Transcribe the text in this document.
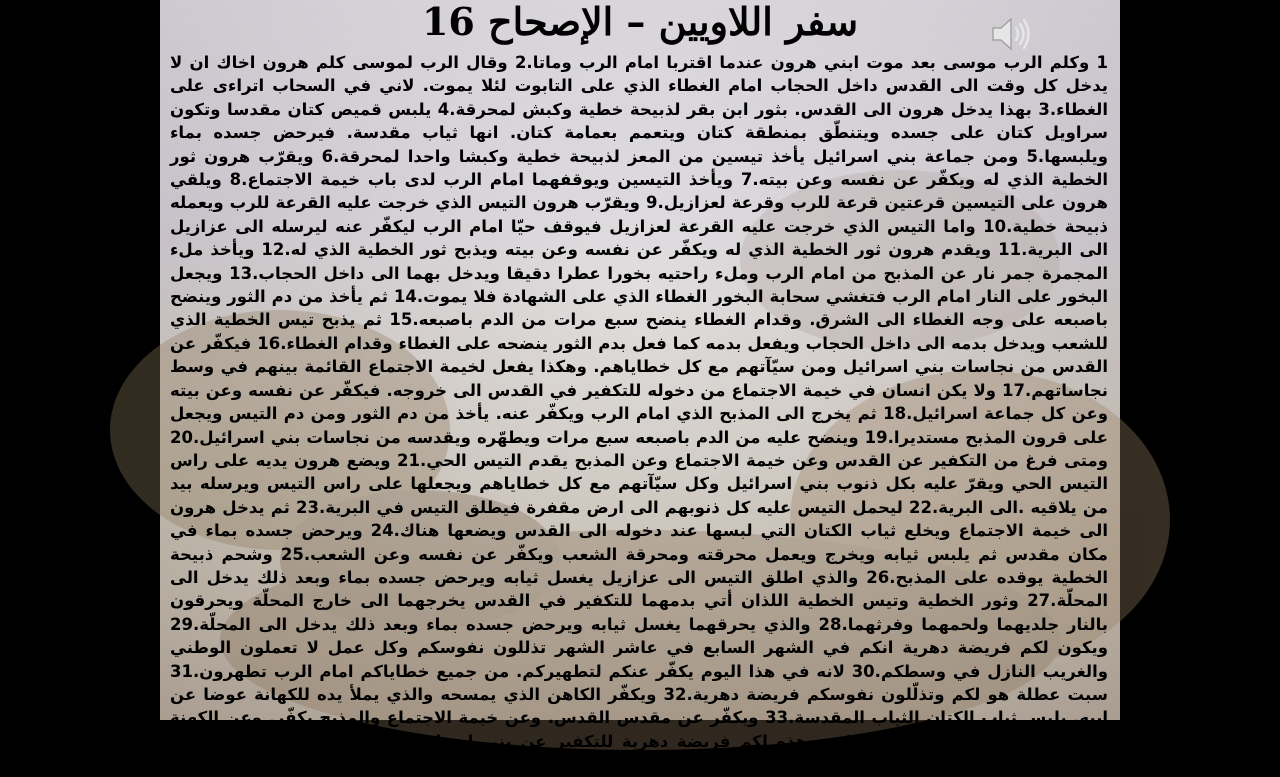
سفر اللاويين – الإصحاح 16
1 وكلم الرب موسى بعد موت ابني هرون عندما اقتربا امام الرب وماتا.2 وقال الرب لموسى كلم هرون اخاك ان لا يدخل كل وقت الى القدس داخل الحجاب امام الغطاء الذي على التابوت لئلا يموت. لاني في السحاب اتراءى على الغطاء.3 بهذا يدخل هرون الى القدس. بثور ابن بقر لذبيحة خطية وكبش لمحرقة.4 يلبس قميص كتان مقدسا وتكون سراويل كتان على جسده ويتنطّق بمنطقة كتان ويتعمم بعمامة كتان. انها ثياب مقدسة. فيرحض جسده بماء ويلبسها.5 ومن جماعة بني اسرائيل يأخذ تيسين من المعز لذبيحة خطية وكبشا واحدا لمحرقة.6 ويقرّب هرون ثور الخطية الذي له ويكفّر عن نفسه وعن بيته.7 ويأخذ التيسين ويوقفهما امام الرب لدى باب خيمة الاجتماع.8 ويلقي هرون على التيسين قرعتين قرعة للرب وقرعة لعزازيل.9 ويقرّب هرون التيس الذي خرجت عليه القرعة للرب ويعمله ذبيحة خطية.10 واما التيس الذي خرجت عليه القرعة لعزازيل فيوقف حيّا امام الرب ليكفّر عنه ليرسله الى عزازيل الى البرية.11 ويقدم هرون ثور الخطية الذي له ويكفّر عن نفسه وعن بيته ويذبح ثور الخطية الذي له.12 ويأخذ ملء المجمرة جمر نار عن المذبح من امام الرب وملء راحتيه بخورا عطرا دقيقا ويدخل بهما الى داخل الحجاب.13 ويجعل البخور على النار امام الرب فتغشي سحابة البخور الغطاء الذي على الشهادة فلا يموت.14 ثم يأخذ من دم الثور وينضح باصبعه على وجه الغطاء الى الشرق. وقدام الغطاء ينضح سبع مرات من الدم باصبعه.15 ثم يذبح تيس الخطية الذي للشعب ويدخل بدمه الى داخل الحجاب ويفعل بدمه كما فعل بدم الثور ينضحه على الغطاء وقدام الغطاء.16 فيكفّر عن القدس من نجاسات بني اسرائيل ومن سيّآتهم مع كل خطاياهم. وهكذا يفعل لخيمة الاجتماع القائمة بينهم في وسط نجاساتهم.17 ولا يكن انسان في خيمة الاجتماع من دخوله للتكفير في القدس الى خروجه. فيكفّر عن نفسه وعن بيته وعن كل جماعة اسرائيل.18 ثم يخرج الى المذبح الذي امام الرب ويكفّر عنه. يأخذ من دم الثور ومن دم التيس ويجعل على قرون المذبح مستديرا.19 وينضح عليه من الدم باصبعه سبع مرات ويطهّره ويقدسه من نجاسات بني اسرائيل.20 ومتى فرغ من التكفير عن القدس وعن خيمة الاجتماع وعن المذبح يقدم التيس الحي.21 ويضع هرون يديه على راس التيس الحي ويقرّ عليه بكل ذنوب بني اسرائيل وكل سيّآتهم مع كل خطاياهم ويجعلها على راس التيس ويرسله بيد من يلاقيه .الى البرية.22 ليحمل التيس عليه كل ذنوبهم الى ارض مقفرة فيطلق التيس في البرية.23 ثم يدخل هرون الى خيمة الاجتماع ويخلع ثياب الكتان التي لبسها عند دخوله الى القدس ويضعها هناك.24 ويرحض جسده بماء في مكان مقدس ثم يلبس ثيابه ويخرج ويعمل محرقته ومحرقة الشعب ويكفّر عن نفسه وعن الشعب.25 وشحم ذبيحة الخطية يوقده على المذبح.26 والذي اطلق التيس الى عزازيل يغسل ثيابه ويرحض جسده بماء وبعد ذلك يدخل الى المحلّة.27 وثور الخطية وتيس الخطية اللذان أتي بدمهما للتكفير في القدس يخرجهما الى خارج المحلّة ويحرقون بالنار جلديهما ولحمهما وفرثهما.28 والذي يحرقهما يغسل ثيابه ويرحض جسده بماء وبعد ذلك يدخل الى المحلّة.29 ويكون لكم فريضة دهرية انكم في الشهر السابع في عاشر الشهر تذللون نفوسكم وكل عمل لا تعملون الوطني والغريب النازل في وسطكم.30 لانه في هذا اليوم يكفّر عنكم لتطهيركم. من جميع خطاياكم امام الرب تطهرون.31 سبت عطلة هو لكم وتذلّلون نفوسكم فريضة دهرية.32 ويكفّر الكاهن الذي يمسحه والذي يملأ يده للكهانة عوضا عن ابيه. يلبس ثياب الكتان الثياب المقدسة.33 ويكفّر عن مقدس القدس. وعن خيمة الاجتماع والمذبح يكفّر. وعن الكهنة وكل شعب الجماعة يكفّر.34 وتكون هذه لكم فريضة دهرية للتكفير عن بني اسرائيل من جميع خطاياهم مرة في السنة. ففعل كما امر الرب موسى.
